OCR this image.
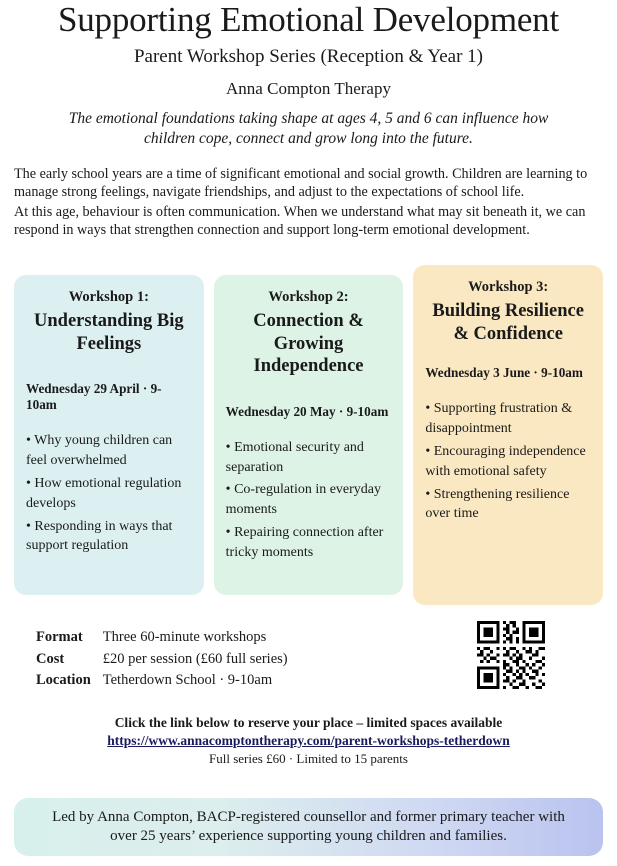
Supporting Emotional Development
Parent Workshop Series (Reception & Year 1)
Anna Compton Therapy
The emotional foundations taking shape at ages 4, 5 and 6 can influence how children cope, connect and grow long into the future.

The early school years are a time of significant emotional and social growth. Children are learning to manage strong feelings, navigate friendships, and adjust to the expectations of school life.

At this age, behaviour is often communication. When we understand what may sit beneath it, we can respond in ways that strengthen connection and support long-term emotional development.

Workshop 1:
Understanding Big Feelings
Wednesday 29 April · 9-10am
• Why young children can feel overwhelmed
• How emotional regulation develops
• Responding in ways that support regulation
Workshop 2:
Connection & Growing Independence
Wednesday 20 May · 9-10am
• Emotional security and separation
• Co-regulation in everyday moments
• Repairing connection after tricky moments
Workshop 3:
Building Resilience & Confidence
Wednesday 3 June · 9-10am
• Supporting frustration & disappointment
• Encouraging independence with emotional safety
• Strengthening resilience over time
Format	Three 60-minute workshops
Cost	£20 per session (£60 full series)
Location	Tetherdown School · 9-10am
Click the link below to reserve your place – limited spaces available
https://www.annacomptontherapy.com/parent-workshops-tetherdown
Full series £60 · Limited to 15 parents
Led by Anna Compton, BACP-registered counsellor and former primary teacher with over 25 years’ experience supporting young children and families.
